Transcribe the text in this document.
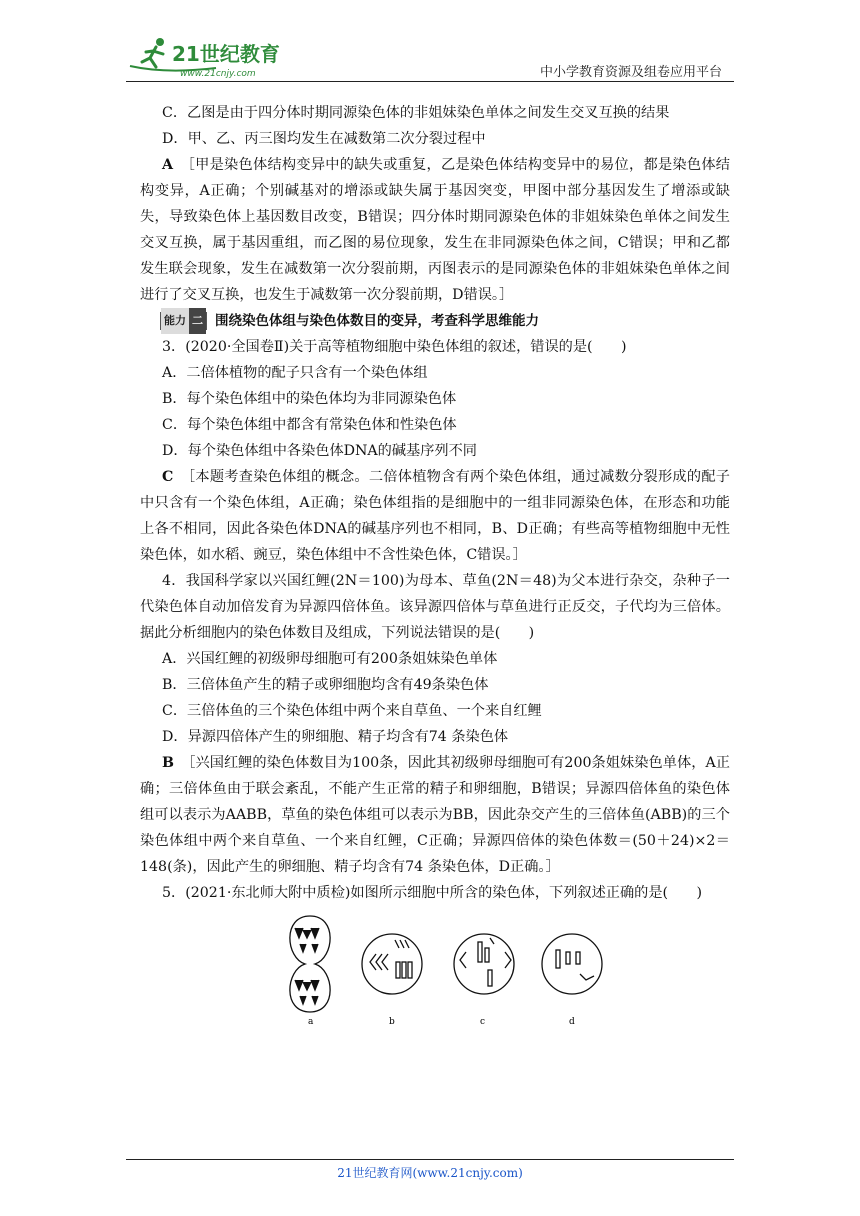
21世纪教育
www.21cnjy.com	中小学教育资源及组卷应用平台

C．乙图是由于四分体时期同源染色体的非姐妹染色单体之间发生交叉互换的结果

D．甲、乙、丙三图均发生在减数第二次分裂过程中

A　 ［甲是染色体结构变异中的缺失或重复，乙是染色体结构变异中的易位，都是染色体结构变异，A正确；个别碱基对的增添或缺失属于基因突变，甲图中部分基因发生了增添或缺失，导致染色体上基因数目改变，B错误；四分体时期同源染色体的非姐妹染色单体之间发生交叉互换，属于基因重组，而乙图的易位现象，发生在非同源染色体之间，C错误；甲和乙都发生联会现象，发生在减数第一次分裂前期，丙图表示的是同源染色体的非姐妹染色单体之间进行了交叉互换，也发生于减数第一次分裂前期，D错误。］

能力 二 围绕染色体组与染色体数目的变异，考查科学思维能力

3．(2020·全国卷Ⅱ)关于高等植物细胞中染色体组的叙述，错误的是(　　)

A．二倍体植物的配子只含有一个染色体组

B．每个染色体组中的染色体均为非同源染色体

C．每个染色体组中都含有常染色体和性染色体

D．每个染色体组中各染色体DNA的碱基序列不同

C　 ［本题考查染色体组的概念。二倍体植物含有两个染色体组，通过减数分裂形成的配子中只含有一个染色体组，A正确；染色体组指的是细胞中的一组非同源染色体，在形态和功能上各不相同，因此各染色体DNA的碱基序列也不相同，B、D正确；有些高等植物细胞中无性染色体，如水稻、豌豆，染色体组中不含性染色体，C错误。］

4．我国科学家以兴国红鲤(2N＝100)为母本、草鱼(2N＝48)为父本进行杂交，杂种子一代染色体自动加倍发育为异源四倍体鱼。该异源四倍体与草鱼进行正反交，子代均为三倍体。据此分析细胞内的染色体数目及组成，下列说法错误的是(　　)

A．兴国红鲤的初级卵母细胞可有200条姐妹染色单体

B．三倍体鱼产生的精子或卵细胞均含有49条染色体

C．三倍体鱼的三个染色体组中两个来自草鱼、一个来自红鲤

D．异源四倍体产生的卵细胞、精子均含有74 条染色体

B　 ［兴国红鲤的染色体数目为100条，因此其初级卵母细胞可有200条姐妹染色单体，A正确；三倍体鱼由于联会紊乱，不能产生正常的精子和卵细胞，B错误；异源四倍体鱼的染色体组可以表示为AABB，草鱼的染色体组可以表示为BB，因此杂交产生的三倍体鱼(ABB)的三个染色体组中两个来自草鱼、一个来自红鲤，C正确；异源四倍体的染色体数＝(50＋24)×2＝148(条)，因此产生的卵细胞、精子均含有74 条染色体，D正确。］

5．(2021·东北师大附中质检)如图所示细胞中所含的染色体，下列叙述正确的是(　　)

a	b	c	d
21世纪教育网(www.21cnjy.com)
